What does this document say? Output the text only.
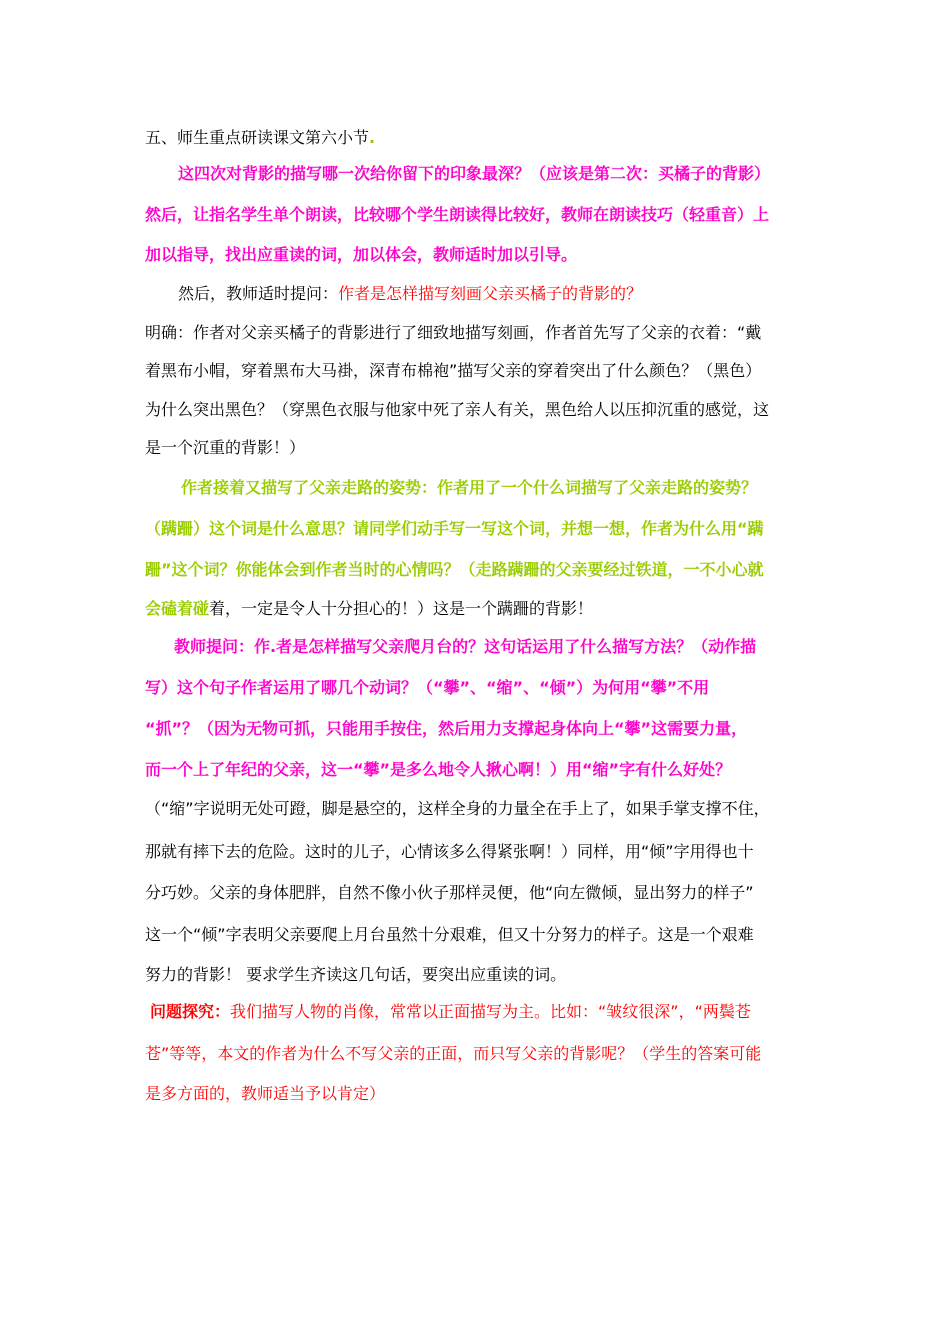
五、师生重点研读课文第六小节.
这四次对背影的描写哪一次给你留下的印象最深？（应该是第二次：买橘子的背影）
然后，让指名学生单个朗读，比较哪个学生朗读得比较好，教师在朗读技巧（轻重音）上
加以指导，找出应重读的词，加以体会，教师适时加以引导。
然后，教师适时提问：作者是怎样描写刻画父亲买橘子的背影的？
明确：作者对父亲买橘子的背影进行了细致地描写刻画，作者首先写了父亲的衣着：“戴
着黑布小帽，穿着黑布大马褂，深青布棉袍”描写父亲的穿着突出了什么颜色？（黑色）
为什么突出黑色？（穿黑色衣服与他家中死了亲人有关，黑色给人以压抑沉重的感觉，这
是一个沉重的背影！）
作者接着又描写了父亲走路的姿势：作者用了一个什么词描写了父亲走路的姿势？
（蹒跚）这个词是什么意思？请同学们动手写一写这个词，并想一想，作者为什么用“蹒
跚”这个词？你能体会到作者当时的心情吗？（走路蹒跚的父亲要经过铁道，一不小心就
会磕着碰着，一定是令人十分担心的！）这是一个蹒跚的背影！
教师提问：作.者是怎样描写父亲爬月台的？这句话运用了什么描写方法？（动作描
写）这个句子作者运用了哪几个动词？（“攀”、“缩”、“倾”）为何用“攀”不用
“抓”？（因为无物可抓，只能用手按住，然后用力支撑起身体向上“攀”这需要力量，
而一个上了年纪的父亲，这一“攀”是多么地令人揪心啊！）用“缩”字有什么好处？
（“缩”字说明无处可蹬，脚是悬空的，这样全身的力量全在手上了，如果手掌支撑不住，
那就有摔下去的危险。这时的儿子，心情该多么得紧张啊！）同样，用“倾”字用得也十
分巧妙。父亲的身体肥胖，自然不像小伙子那样灵便，他“向左微倾，显出努力的样子”
这一个“倾”字表明父亲要爬上月台虽然十分艰难，但又十分努力的样子。这是一个艰难
努力的背影！ 要求学生齐读这几句话，要突出应重读的词。
问题探究：我们描写人物的肖像，常常以正面描写为主。比如：“皱纹很深”，“两鬓苍
苍”等等，本文的作者为什么不写父亲的正面，而只写父亲的背影呢？（学生的答案可能
是多方面的，教师适当予以肯定）
